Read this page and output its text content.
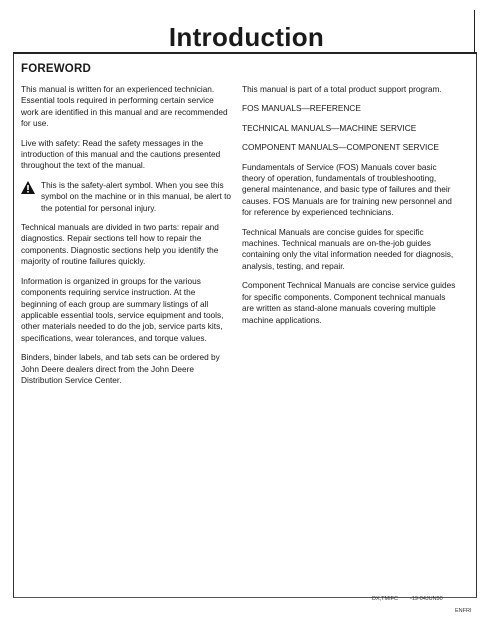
Introduction
FOREWORD

This manual is written for an experienced technician. Essential tools required in performing certain service work are identified in this manual and are recommended for use.

Live with safety: Read the safety messages in the introduction of this manual and the cautions presented throughout the text of the manual.

This is the safety-alert symbol. When you see this symbol on the machine or in this manual, be alert to the potential for personal injury.

Technical manuals are divided in two parts: repair and diagnostics. Repair sections tell how to repair the components. Diagnostic sections help you identify the majority of routine failures quickly.

Information is organized in groups for the various components requiring service instruction. At the beginning of each group are summary listings of all applicable essential tools, service equipment and tools, other materials needed to do the job, service parts kits, specifications, wear tolerances, and torque values.

Binders, binder labels, and tab sets can be ordered by John Deere dealers direct from the John Deere Distribution Service Center.

This manual is part of a total product support program.

FOS MANUALS—REFERENCE

TECHNICAL MANUALS—MACHINE SERVICE

COMPONENT MANUALS—COMPONENT SERVICE

Fundamentals of Service (FOS) Manuals cover basic theory of operation, fundamentals of troubleshooting, general maintenance, and basic type of failures and their causes. FOS Manuals are for training new personnel and for reference by experienced technicians.

Technical Manuals are concise guides for specific machines. Technical manuals are on-the-job guides containing only the vital information needed for diagnosis, analysis, testing, and repair.

Component Technical Manuals are concise service guides for specific components. Component technical manuals are written as stand-alone manuals covering multiple machine applications.

DX,TMIFC -19-04JUN90
ENFRI
